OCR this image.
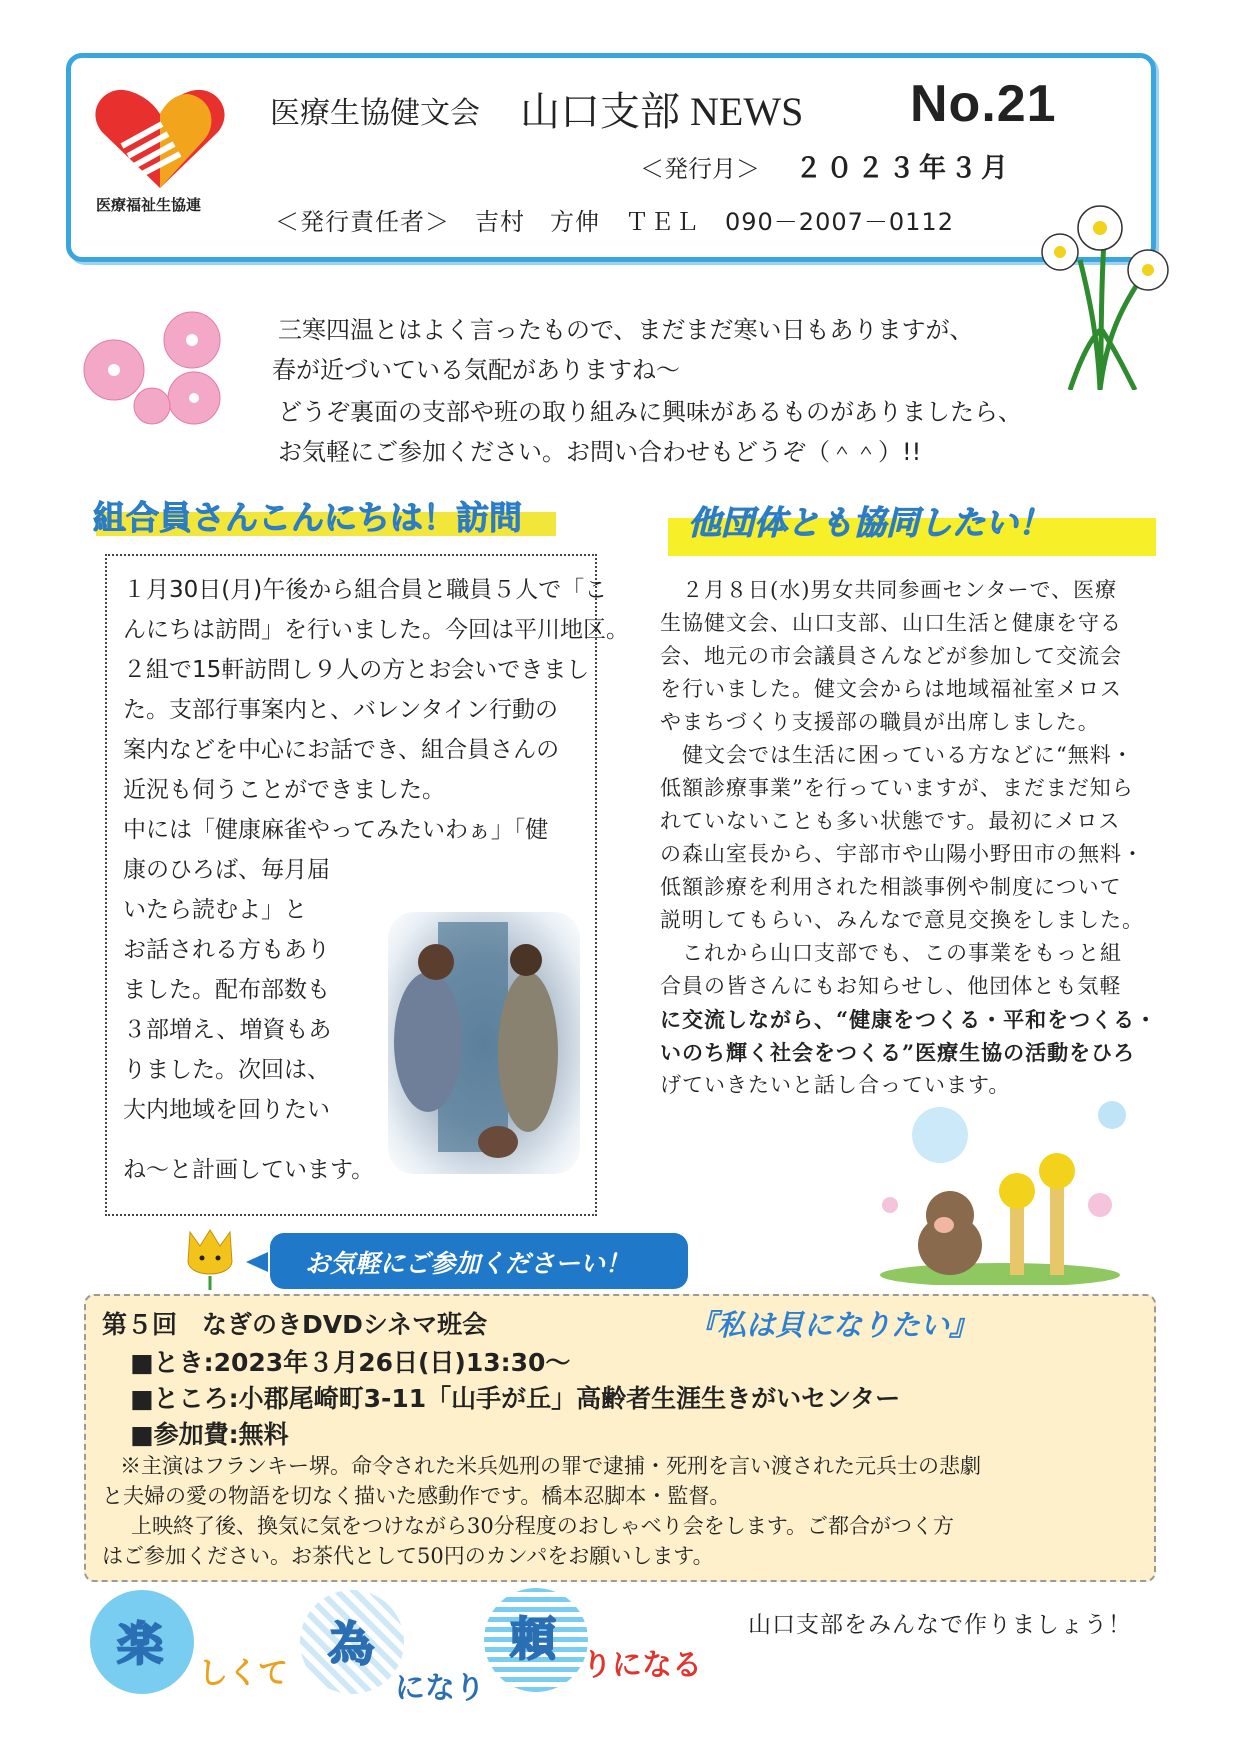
医療福祉生協連
医療生協健文会 山口支部 NEWS No.21
＜発行月＞ ２０２３年３月
＜発行責任者＞　吉村　方伸　ＴＥＬ　090－2007－0112
三寒四温とはよく言ったもので、まだまだ寒い日もありますが、
春が近づいている気配がありますね～
どうぞ裏面の支部や班の取り組みに興味があるものがありましたら、
お気軽にご参加ください。お問い合わせもどうぞ（＾＾）!!
組合員さんこんにちは！訪問
１月30日(月)午後から組合員と職員５人で「こ
んにちは訪問」を行いました。今回は平川地区。
２組で15軒訪問し９人の方とお会いできまし
た。支部行事案内と、バレンタイン行動の
案内などを中心にお話でき、組合員さんの
近況も伺うことができました。
中には「健康麻雀やってみたいわぁ」「健
康のひろば、毎月届
いたら読むよ」と
お話される方もあり
ました。配布部数も
３部増え、増資もあ
りました。次回は、
大内地域を回りたい
ね～と計画しています。
他団体とも協同したい！
　２月８日(水)男女共同参画センターで、医療
生協健文会、山口支部、山口生活と健康を守る
会、地元の市会議員さんなどが参加して交流会
を行いました。健文会からは地域福祉室メロス
やまちづくり支援部の職員が出席しました。
　健文会では生活に困っている方などに“無料・
低額診療事業”を行っていますが、まだまだ知ら
れていないことも多い状態です。最初にメロス
の森山室長から、宇部市や山陽小野田市の無料・
低額診療を利用された相談事例や制度について
説明してもらい、みんなで意見交換をしました。
　これから山口支部でも、この事業をもっと組
合員の皆さんにもお知らせし、他団体とも気軽
に交流しながら、“健康をつくる・平和をつくる・
いのち輝く社会をつくる”医療生協の活動をひろ
げていきたいと話し合っています。
お気軽にご参加くださーい！
第５回　なぎのきDVDシネマ班会	『私は貝になりたい』
■とき:2023年３月26日(日)13:30～
■ところ:小郡尾崎町3-11「山手が丘」高齢者生涯生きがいセンター
■参加費:無料
※主演はフランキー堺。命令された米兵処刑の罪で逮捕・死刑を言い渡された元兵士の悲劇
と夫婦の愛の物語を切なく描いた感動作です。橋本忍脚本・監督。
　上映終了後、換気に気をつけながら30分程度のおしゃべり会をします。ご都合がつく方
はご参加ください。お茶代として50円のカンパをお願いします。
楽
しくて
為
になり
頼 りになる
山口支部をみんなで作りましょう！
